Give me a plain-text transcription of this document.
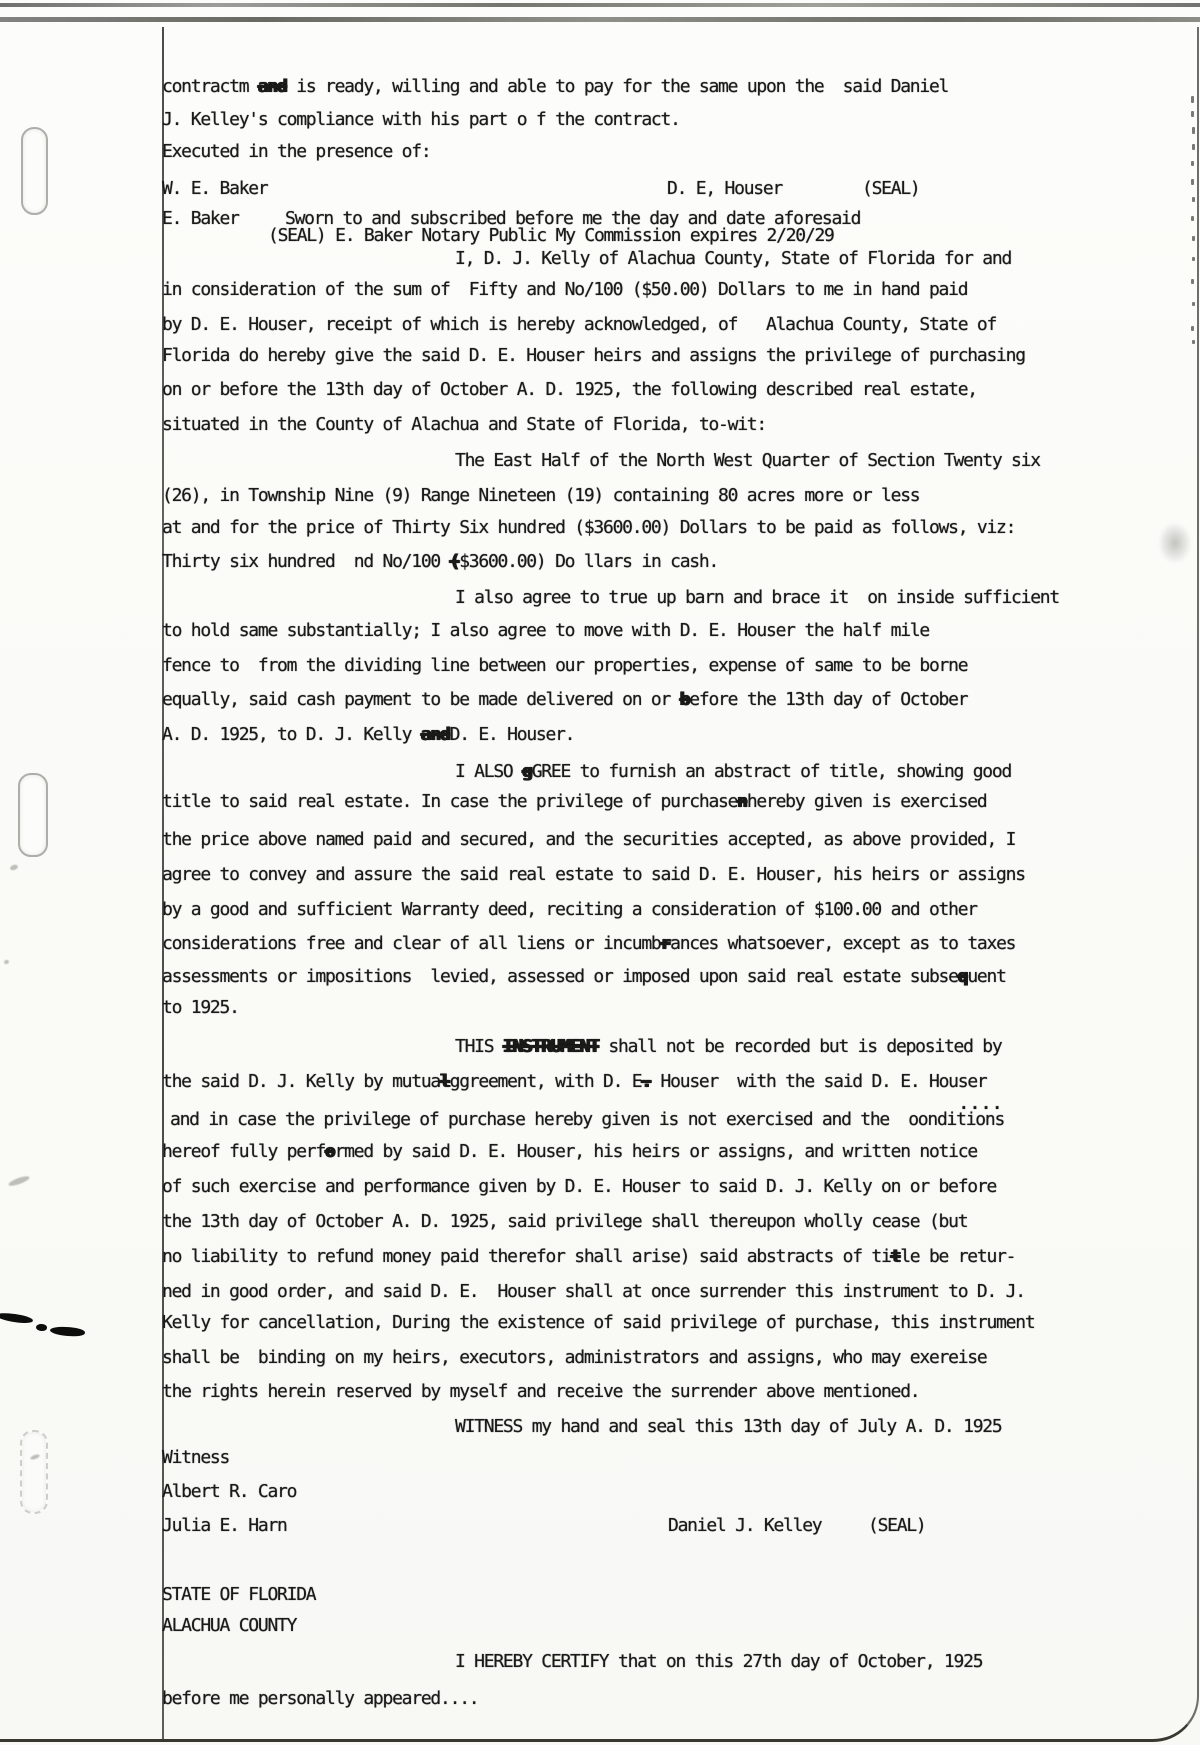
contractm and is ready, willing and able to pay for the same upon the  said Daniel
J. Kelley's compliance with his part o f the contract.
Executed in the presence of:
W. E. Baker	D. E, Houser	(SEAL)
E. Baker	Sworn to and subscribed before me the day and date aforesaid
(SEAL) E. Baker Notary Public My Commission expires 2/20/29
I, D. J. Kelly of Alachua County, State of Florida for and
in consideration of the sum of  Fifty and No/100 ($50.00) Dollars to me in hand paid
by D. E. Houser, receipt of which is hereby acknowledged, of   Alachua County, State of
Florida do hereby give the said D. E. Houser heirs and assigns the privilege of purchasing
on or before the 13th day of October A. D. 1925, the following described real estate,
situated in the County of Alachua and State of Florida, to-wit:
The East Half of the North West Quarter of Section Twenty six
(26), in Township Nine (9) Range Nineteen (19) containing 80 acres more or less
at and for the price of Thirty Six hundred ($3600.00) Dollars to be paid as follows, viz:
Thirty six hundred  nd No/100 ($3600.00) Do llars in cash.
I also agree to true up barn and brace it  on inside sufficient
to hold same substantially; I also agree to move with D. E. Houser the half mile
fence to  from the dividing line between our properties, expense of same to be borne
equally, said cash payment to be made delivered on or before the 13th day of October
A. D. 1925, to D. J. Kelly andD. E. Houser.
I ALSO gGREE to furnish an abstract of title, showing good
title to said real estate. In case the privilege of purchasenhereby given is exercised
the price above named paid and secured, and the securities accepted, as above provided, I
agree to convey and assure the said real estate to said D. E. Houser, his heirs or assigns
by a good and sufficient Warranty deed, reciting a consideration of $100.00 and other
considerations free and clear of all liens or incumbrances whatsoever, except as to taxes
assessments or impositions  levied, assessed or imposed upon said real estate subsequent
to 1925.
THIS INSTRUMENT shall not be recorded but is deposited by
the said D. J. Kelly by mutualggreement, with D. E. Houser  with the said D. E. Houser
....
and in case the privilege of purchase hereby given is not exercised and the  oonditions
hereof fully performed by said D. E. Houser, his heirs or assigns, and written notice
of such exercise and performance given by D. E. Houser to said D. J. Kelly on or before
the 13th day of October A. D. 1925, said privilege shall thereupon wholly cease (but
no liability to refund money paid therefor shall arise) said abstracts of title be retur-
ned in good order, and said D. E.  Houser shall at once surrender this instrument to D. J.
Kelly for cancellation, During the existence of said privilege of purchase, this instrument
shall be  binding on my heirs, executors, administrators and assigns, who may exereise
the rights herein reserved by myself and receive the surrender above mentioned.
WITNESS my hand and seal this 13th day of July A. D. 1925
Witness
Albert R. Caro
Julia E. Harn	Daniel J. Kelley	(SEAL)
STATE OF FLORIDA
ALACHUA COUNTY
I HEREBY CERTIFY that on this 27th day of October, 1925
before me personally appeared....
